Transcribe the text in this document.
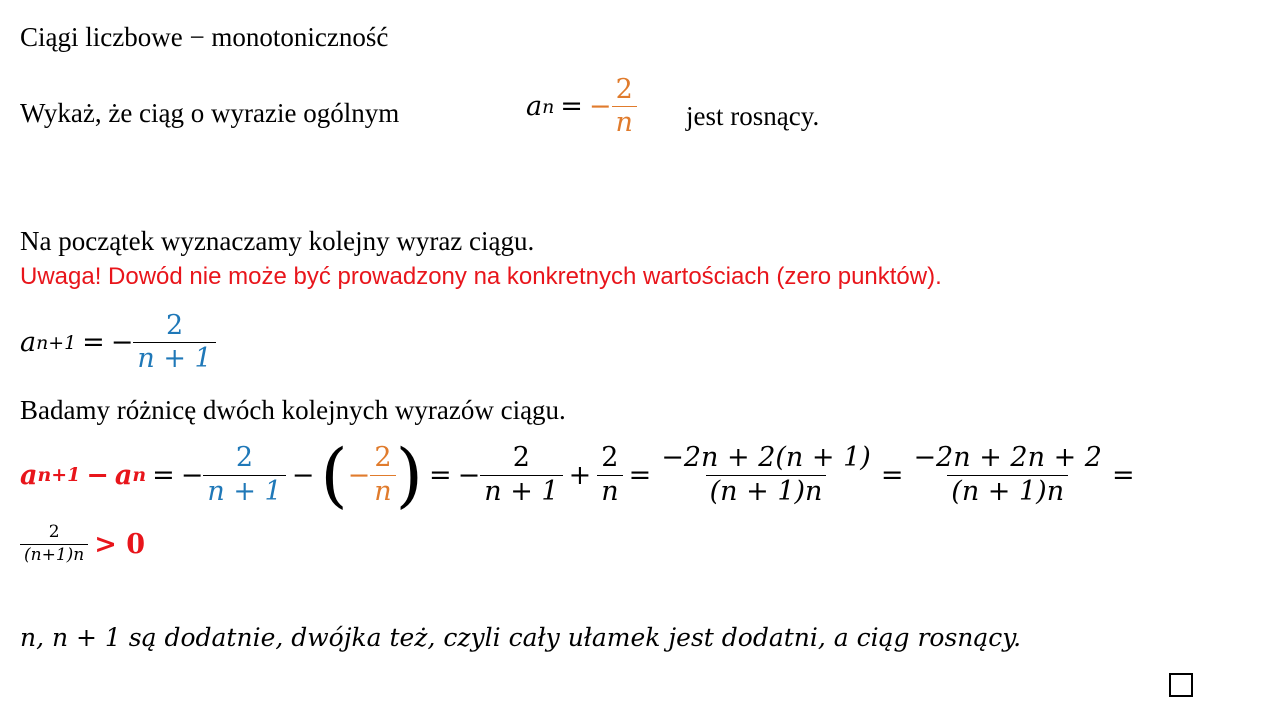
Ciągi liczbowe − monotoniczność
Wykaż, że ciąg o wyrazie ogólnym	a n = − $\frac{2}{n}$ jest rosnący.
Na początek wyznaczamy kolejny wyraz ciągu.
Uwaga! Dowód nie może być prowadzony na konkretnych wartościach (zero punktów).
a n+1 = − $\frac{2}{n + 1}$
Badamy różnicę dwóch kolejnych wyrazów ciągu.
a n+1 − a n = − $\frac{2}{n + 1}$ − ( − $\frac{2}{n}$ ) = − $\frac{2}{n + 1} + \frac{2}{n} = \frac{-2n + 2(n + 1)}{(n + 1)n} = \frac{-2n + 2n + 2}{(n + 1)n}$ =
$\frac{2}{(n+1)n} > 0$
n, n + 1 są dodatnie, dwójka też, czyli cały ułamek jest dodatni, a ciąg rosnący.
